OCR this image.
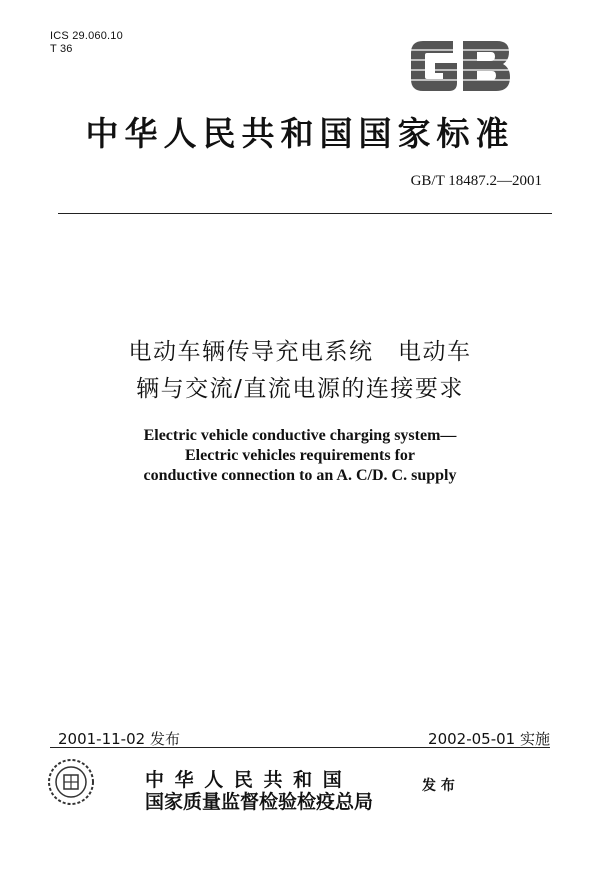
ICS 29.060.10
T 36
中华人民共和国国家标准
GB/T 18487.2—2001
电动车辆传导充电系统　电动车
辆与交流/直流电源的连接要求
Electric vehicle conductive charging system—
Electric vehicles requirements for
conductive connection to an A. C/D. C. supply
2001-11-02 发布	2002-05-01 实施
中 华 人 民 共 和 国
国家质量监督检验检疫总局
发 布
